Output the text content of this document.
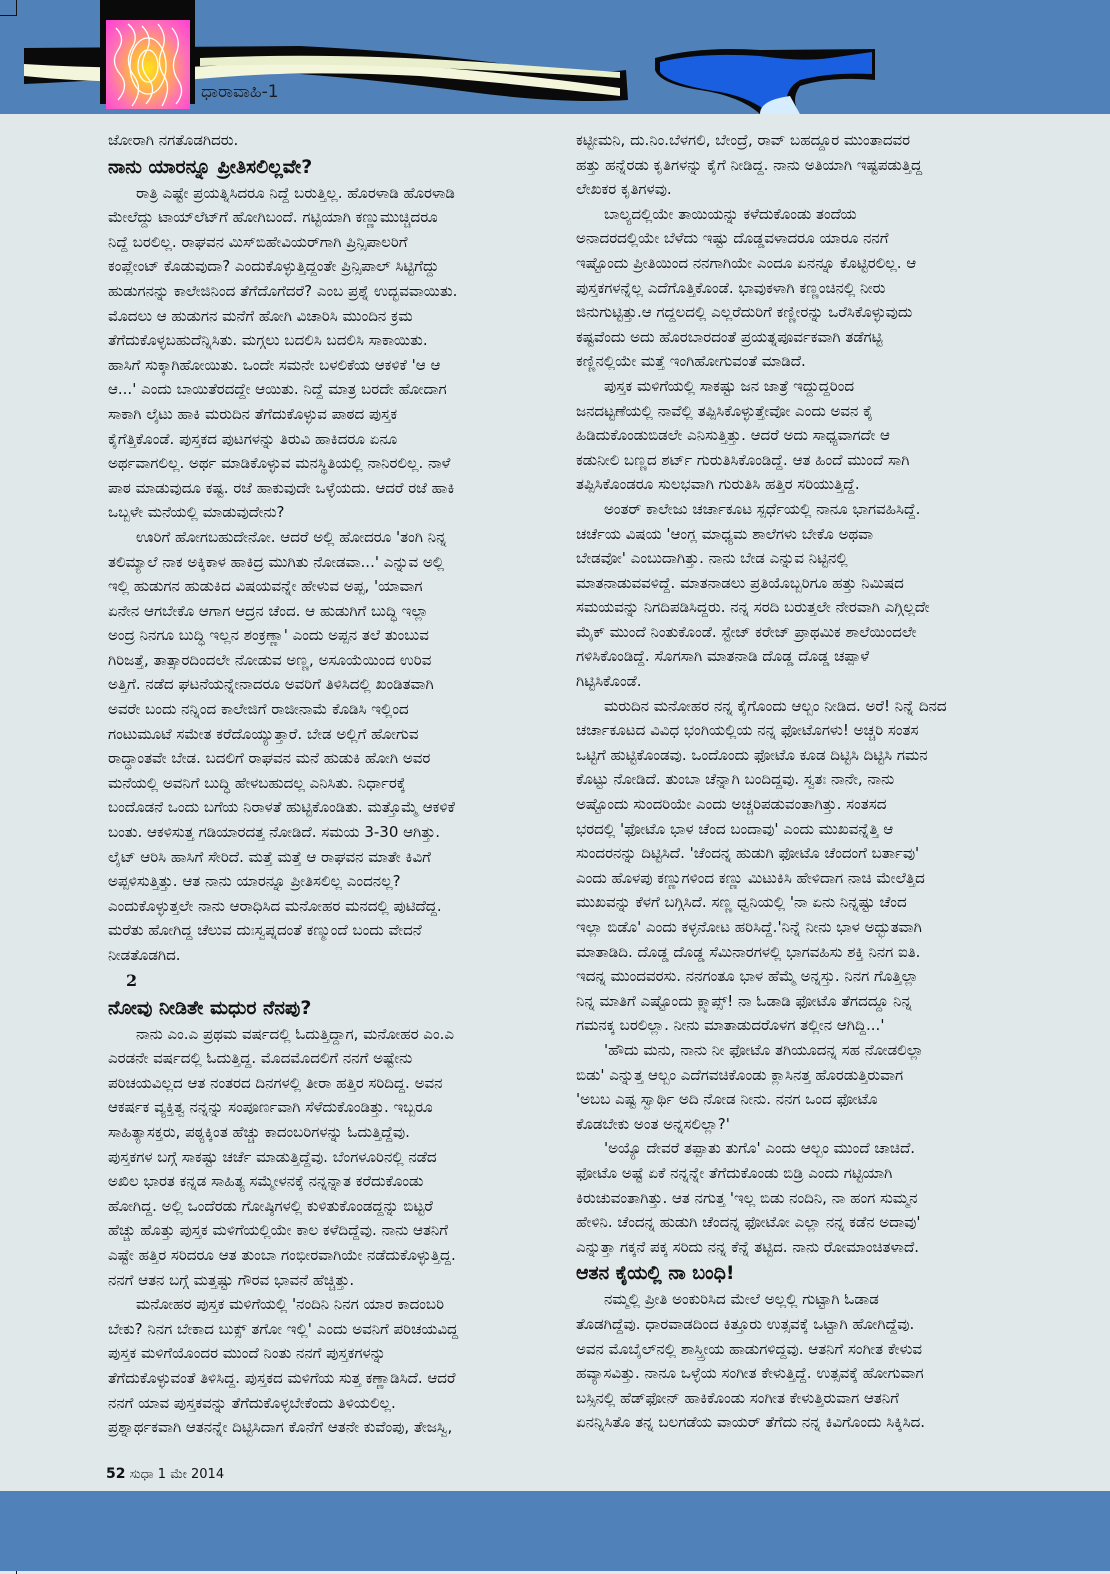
ಧಾರಾವಾಹಿ-1
ಜೋರಾಗಿ ನಗತೊಡಗಿದರು.
ನಾನು ಯಾರನ್ನೂ ಪ್ರೀತಿಸಲಿಲ್ಲವೇ?
ರಾತ್ರಿ ಎಷ್ಟೇ ಪ್ರಯತ್ನಿಸಿದರೂ ನಿದ್ದೆ ಬರುತ್ತಿಲ್ಲ. ಹೊರಳಾಡಿ ಹೊರಳಾಡಿ
ಮೇಲೆದ್ದು ಟಾಯ್‌ಲೆಟ್‌ಗೆ ಹೋಗಿಬಂದೆ. ಗಟ್ಟಿಯಾಗಿ ಕಣ್ಣುಮುಚ್ಚಿದರೂ
ನಿದ್ದೆ ಬರಲಿಲ್ಲ. ರಾಘವನ ಮಿಸ್‌ಬಿಹೇವಿಯರ್‌ಗಾಗಿ ಪ್ರಿನ್ಸಿಪಾಲರಿಗೆ
ಕಂಪ್ಲೇಂಟ್ ಕೊಡುವುದಾ? ಎಂದುಕೊಳ್ಳುತ್ತಿದ್ದಂತೇ ಪ್ರಿನ್ಸಿಪಾಲ್ ಸಿಟ್ಟಿಗೆದ್ದು
ಹುಡುಗನನ್ನು ಕಾಲೇಜಿನಿಂದ ತೆಗೆದೊಗೆದರೆ? ಎಂಬ ಪ್ರಶ್ನೆ ಉದ್ಭವವಾಯಿತು.
ಮೊದಲು ಆ ಹುಡುಗನ ಮನೆಗೆ ಹೋಗಿ ವಿಚಾರಿಸಿ ಮುಂದಿನ ಕ್ರಮ
ತೆಗೆದುಕೊಳ್ಳಬಹುದೆನ್ನಿಸಿತು. ಮಗ್ಗಲು ಬದಲಿಸಿ ಬದಲಿಸಿ ಸಾಕಾಯಿತು.
ಹಾಸಿಗೆ ಸುಕ್ಕಾಗಿಹೋಯಿತು. ಒಂದೇ ಸಮನೇ ಬಳಲಿಕೆಯ ಆಕಳಿಕೆ 'ಆ ಆ
ಆ...' ಎಂದು ಬಾಯಿತೆರದದ್ದೇ ಆಯಿತು. ನಿದ್ದೆ ಮಾತ್ರ ಬರದೇ ಹೋದಾಗ
ಸಾಕಾಗಿ ಲೈಟು ಹಾಕಿ ಮರುದಿನ ತೆಗೆದುಕೊಳ್ಳುವ ಪಾಠದ ಪುಸ್ತಕ
ಕೈಗೆತ್ತಿಕೊಂಡೆ. ಪುಸ್ತಕದ ಪುಟಗಳನ್ನು ತಿರುವಿ ಹಾಕಿದರೂ ಏನೂ
ಅರ್ಥವಾಗಲಿಲ್ಲ. ಅರ್ಥ ಮಾಡಿಕೊಳ್ಳುವ ಮನಸ್ಥಿತಿಯಲ್ಲಿ ನಾನಿರಲಿಲ್ಲ. ನಾಳೆ
ಪಾಠ ಮಾಡುವುದೂ ಕಷ್ಟ. ರಜೆ ಹಾಕುವುದೇ ಒಳ್ಳೆಯದು. ಆದರೆ ರಜೆ ಹಾಕಿ
ಒಬ್ಬಳೇ ಮನೆಯಲ್ಲಿ ಮಾಡುವುದೇನು?
ಊರಿಗೆ ಹೋಗಬಹುದೇನೋ. ಆದರೆ ಅಲ್ಲಿ ಹೋದರೂ 'ತಂಗಿ ನಿನ್ನ
ತಲಿಮ್ಯಾಲೆ ನಾಕ ಅಕ್ಕಿಕಾಳ ಹಾಕಿದ್ರ ಮುಗಿತು ನೋಡವಾ...' ಎನ್ನುವ ಅಲ್ಲಿ
ಇಲ್ಲಿ ಹುಡುಗನ ಹುಡುಕಿದ ವಿಷಯವನ್ನೇ ಹೇಳುವ ಅಪ್ಪ, 'ಯಾವಾಗ
ಏನೇನ ಆಗಬೇಕೊ ಆಗಾಗ ಆದ್ರನ ಚೆಂದ. ಆ ಹುಡುಗಿಗೆ ಬುದ್ಧಿ ಇಲ್ಲಾ
ಅಂದ್ರ ನಿನಗೂ ಬುದ್ಧಿ ಇಲ್ಲನ ಶಂಕ್ರಣ್ಣಾ' ಎಂದು ಅಪ್ಪನ ತಲೆ ತುಂಬುವ
ಗಿರಿಜತ್ತೆ, ತಾತ್ಸಾರದಿಂದಲೇ ನೋಡುವ ಅಣ್ಣ, ಅಸೂಯೆಯಿಂದ ಉರಿವ
ಅತ್ತಿಗೆ. ನಡೆದ ಘಟನೆಯನ್ನೇನಾದರೂ ಅವರಿಗೆ ತಿಳಿಸಿದಲ್ಲಿ ಖಂಡಿತವಾಗಿ
ಅವರೇ ಬಂದು ನನ್ನಿಂದ ಕಾಲೇಜಿಗೆ ರಾಜೀನಾಮೆ ಕೊಡಿಸಿ ಇಲ್ಲಿಂದ
ಗಂಟುಮೂಟೆ ಸಮೇತ ಕರೆದೊಯ್ಯುತ್ತಾರೆ. ಬೇಡ ಅಲ್ಲಿಗೆ ಹೋಗುವ
ರಾದ್ಧಾಂತವೇ ಬೇಡ. ಬದಲಿಗೆ ರಾಘವನ ಮನೆ ಹುಡುಕಿ ಹೋಗಿ ಅವರ
ಮನೆಯಲ್ಲಿ ಅವನಿಗೆ ಬುದ್ಧಿ ಹೇಳಬಹುದಲ್ಲ ಎನಿಸಿತು. ನಿರ್ಧಾರಕ್ಕೆ
ಬಂದೊಡನೆ ಒಂದು ಬಗೆಯ ನಿರಾಳತೆ ಹುಟ್ಟಿಕೊಂಡಿತು. ಮತ್ತೊಮ್ಮೆ ಆಕಳಿಕೆ
ಬಂತು. ಆಕಳಿಸುತ್ತ ಗಡಿಯಾರದತ್ತ ನೋಡಿದೆ. ಸಮಯ 3-30 ಆಗಿತ್ತು.
ಲೈಟ್ ಆರಿಸಿ ಹಾಸಿಗೆ ಸೇರಿದೆ. ಮತ್ತೆ ಮತ್ತೆ ಆ ರಾಘವನ ಮಾತೇ ಕಿವಿಗೆ
ಅಪ್ಪಳಿಸುತ್ತಿತ್ತು. ಆತ ನಾನು ಯಾರನ್ನೂ ಪ್ರೀತಿಸಲಿಲ್ಲ ಎಂದನಲ್ಲ?
ಎಂದುಕೊಳ್ಳುತ್ತಲೇ ನಾನು ಆರಾಧಿಸಿದ ಮನೋಹರ ಮನದಲ್ಲಿ ಪುಟಿದೆದ್ದ.
ಮರೆತು ಹೋಗಿದ್ದ ಚೆಲುವ ದುಃಸ್ವಪ್ನದಂತೆ ಕಣ್ಮುಂದೆ ಬಂದು ವೇದನೆ
ನೀಡತೊಡಗಿದ.
2
ನೋವು ನೀಡಿತೇ ಮಧುರ ನೆನಪು?
ನಾನು ಎಂ.ಎ ಪ್ರಥಮ ವರ್ಷದಲ್ಲಿ ಓದುತ್ತಿದ್ದಾಗ, ಮನೋಹರ ಎಂ.ಎ
ಎರಡನೇ ವರ್ಷದಲ್ಲಿ ಓದುತ್ತಿದ್ದ. ಮೊದಮೊದಲಿಗೆ ನನಗೆ ಅಷ್ಟೇನು
ಪರಿಚಯವಿಲ್ಲದ ಆತ ನಂತರದ ದಿನಗಳಲ್ಲಿ ತೀರಾ ಹತ್ತಿರ ಸರಿದಿದ್ದ. ಅವನ
ಆಕರ್ಷಕ ವ್ಯಕ್ತಿತ್ವ ನನ್ನನ್ನು ಸಂಪೂರ್ಣವಾಗಿ ಸೆಳೆದುಕೊಂಡಿತ್ತು. ಇಬ್ಬರೂ
ಸಾಹಿತ್ಯಾಸಕ್ತರು, ಪಠ್ಯಕ್ಕಿಂತ ಹೆಚ್ಚು ಕಾದಂಬರಿಗಳನ್ನು ಓದುತ್ತಿದ್ದೆವು.
ಪುಸ್ತಕಗಳ ಬಗ್ಗೆ ಸಾಕಷ್ಟು ಚರ್ಚೆ ಮಾಡುತ್ತಿದ್ದೆವು. ಬೆಂಗಳೂರಿನಲ್ಲಿ ನಡೆದ
ಅಖಿಲ ಭಾರತ ಕನ್ನಡ ಸಾಹಿತ್ಯ ಸಮ್ಮೇಳನಕ್ಕೆ ನನ್ನನ್ನಾತ ಕರೆದುಕೊಂಡು
ಹೋಗಿದ್ದ. ಅಲ್ಲಿ ಒಂದೆರಡು ಗೋಷ್ಠಿಗಳಲ್ಲಿ ಕುಳಿತುಕೊಂಡದ್ದನ್ನು ಬಿಟ್ಟರೆ
ಹೆಚ್ಚು ಹೊತ್ತು ಪುಸ್ತಕ ಮಳಿಗೆಯಲ್ಲಿಯೇ ಕಾಲ ಕಳೆದಿದ್ದೆವು. ನಾನು ಆತನಿಗೆ
ಎಷ್ಟೇ ಹತ್ತಿರ ಸರಿದರೂ ಆತ ತುಂಬಾ ಗಂಭೀರವಾಗಿಯೇ ನಡೆದುಕೊಳ್ಳುತ್ತಿದ್ದ.
ನನಗೆ ಆತನ ಬಗ್ಗೆ ಮತ್ತಷ್ಟು ಗೌರವ ಭಾವನೆ ಹೆಚ್ಚಿತ್ತು.
ಮನೋಹರ ಪುಸ್ತಕ ಮಳಿಗೆಯಲ್ಲಿ 'ನಂದಿನಿ ನಿನಗ ಯಾರ ಕಾದಂಬರಿ
ಬೇಕು? ನಿನಗ ಬೇಕಾದ ಬುಕ್ಸ್ ತಗೋ ಇಲ್ಲಿ' ಎಂದು ಅವನಿಗೆ ಪರಿಚಯವಿದ್ದ
ಪುಸ್ತಕ ಮಳಿಗೆಯೊಂದರ ಮುಂದೆ ನಿಂತು ನನಗೆ ಪುಸ್ತಕಗಳನ್ನು
ತೆಗೆದುಕೊಳ್ಳುವಂತೆ ತಿಳಿಸಿದ್ದ. ಪುಸ್ತಕದ ಮಳಿಗೆಯ ಸುತ್ತ ಕಣ್ಣಾಡಿಸಿದೆ. ಆದರೆ
ನನಗೆ ಯಾವ ಪುಸ್ತಕವನ್ನು ತೆಗೆದುಕೊಳ್ಳಬೇಕೆಂದು ತಿಳಿಯಲಿಲ್ಲ.
ಪ್ರಶ್ನಾರ್ಥಕವಾಗಿ ಆತನನ್ನೇ ದಿಟ್ಟಿಸಿದಾಗ ಕೊನೆಗೆ ಆತನೇ ಕುವೆಂಪು, ತೇಜಸ್ವಿ,
ಕಟ್ಟೀಮನಿ, ದು.ನಿಂ.ಬೆಳಗಲಿ, ಬೇಂದ್ರೆ, ರಾವ್ ಬಹದ್ದೂರ ಮುಂತಾದವರ
ಹತ್ತು ಹನ್ನೆರಡು ಕೃತಿಗಳನ್ನು ಕೈಗೆ ನೀಡಿದ್ದ. ನಾನು ಅತಿಯಾಗಿ ಇಷ್ಟಪಡುತ್ತಿದ್ದ
ಲೇಖಕರ ಕೃತಿಗಳವು.
ಬಾಲ್ಯದಲ್ಲಿಯೇ ತಾಯಿಯನ್ನು ಕಳೆದುಕೊಂಡು ತಂದೆಯ
ಅನಾದರದಲ್ಲಿಯೇ ಬೆಳೆದು ಇಷ್ಟು ದೊಡ್ಡವಳಾದರೂ ಯಾರೂ ನನಗೆ
ಇಷ್ಟೊಂದು ಪ್ರೀತಿಯಿಂದ ನನಗಾಗಿಯೇ ಎಂದೂ ಏನನ್ನೂ ಕೊಟ್ಟಿರಲಿಲ್ಲ. ಆ
ಪುಸ್ತಕಗಳನ್ನೆಲ್ಲ ಎದೆಗೊತ್ತಿಕೊಂಡೆ. ಭಾವುಕಳಾಗಿ ಕಣ್ಣಂಚಿನಲ್ಲಿ ನೀರು
ಜಿನುಗುಟ್ಟಿತ್ತು.ಆ ಗದ್ದಲದಲ್ಲಿ ಎಲ್ಲರೆದುರಿಗೆ ಕಣ್ಣೀರನ್ನು ಒರೆಸಿಕೊಳ್ಳುವುದು
ಕಷ್ಟವೆಂದು ಅದು ಹೊರಬಾರದಂತೆ ಪ್ರಯತ್ನಪೂರ್ವಕವಾಗಿ ತಡೆಗಟ್ಟಿ
ಕಣ್ಣಿನಲ್ಲಿಯೇ ಮತ್ತೆ ಇಂಗಿಹೋಗುವಂತೆ ಮಾಡಿದೆ.
ಪುಸ್ತಕ ಮಳಿಗೆಯಲ್ಲಿ ಸಾಕಷ್ಟು ಜನ ಜಾತ್ರೆ ಇದ್ದುದ್ದರಿಂದ
ಜನದಟ್ಟಣೆಯಲ್ಲಿ ನಾವೆಲ್ಲಿ ತಪ್ಪಿಸಿಕೊಳ್ಳುತ್ತೇವೋ ಎಂದು ಅವನ ಕೈ
ಹಿಡಿದುಕೊಂಡುಬಿಡಲೇ ಎನಿಸುತ್ತಿತ್ತು. ಆದರೆ ಅದು ಸಾಧ್ಯವಾಗದೇ ಆ
ಕಡುನೀಲಿ ಬಣ್ಣದ ಶರ್ಟ್ ಗುರುತಿಸಿಕೊಂಡಿದ್ದೆ. ಆತ ಹಿಂದೆ ಮುಂದೆ ಸಾಗಿ
ತಪ್ಪಿಸಿಕೊಂಡರೂ ಸುಲಭವಾಗಿ ಗುರುತಿಸಿ ಹತ್ತಿರ ಸರಿಯುತ್ತಿದ್ದೆ.
ಅಂತರ್ ಕಾಲೇಜು ಚರ್ಚಾಕೂಟ ಸ್ಪರ್ಧೆಯಲ್ಲಿ ನಾನೂ ಭಾಗವಹಿಸಿದ್ದೆ.
ಚರ್ಚೆಯ ವಿಷಯ 'ಆಂಗ್ಲ ಮಾಧ್ಯಮ ಶಾಲೆಗಳು ಬೇಕೊ ಅಥವಾ
ಬೇಡವೋ' ಎಂಬುದಾಗಿತ್ತು. ನಾನು ಬೇಡ ಎನ್ನುವ ನಿಟ್ಟಿನಲ್ಲಿ
ಮಾತನಾಡುವವಳಿದ್ದೆ. ಮಾತನಾಡಲು ಪ್ರತಿಯೊಬ್ಬರಿಗೂ ಹತ್ತು ನಿಮಿಷದ
ಸಮಯವನ್ನು ನಿಗದಿಪಡಿಸಿದ್ದರು. ನನ್ನ ಸರದಿ ಬರುತ್ತಲೇ ನೇರವಾಗಿ ಎಗ್ಗಿಲ್ಲದೇ
ಮೈಕ್ ಮುಂದೆ ನಿಂತುಕೊಂಡೆ. ಸ್ಟೇಜ್ ಕರೇಜ್ ಪ್ರಾಥಮಿಕ ಶಾಲೆಯಿಂದಲೇ
ಗಳಿಸಿಕೊಂಡಿದ್ದೆ. ಸೊಗಸಾಗಿ ಮಾತನಾಡಿ ದೊಡ್ಡ ದೊಡ್ಡ ಚಪ್ಪಾಳೆ
ಗಿಟ್ಟಿಸಿಕೊಂಡೆ.
ಮರುದಿನ ಮನೋಹರ ನನ್ನ ಕೈಗೊಂದು ಆಲ್ಬಂ ನೀಡಿದ. ಅರೆ! ನಿನ್ನೆ ದಿನದ
ಚರ್ಚಾಕೂಟದ ವಿವಿಧ ಭಂಗಿಯಲ್ಲಿಯ ನನ್ನ ಫೋಟೊಗಳು! ಅಚ್ಚರಿ ಸಂತಸ
ಒಟ್ಟಿಗೆ ಹುಟ್ಟಿಕೊಂಡವು. ಒಂದೊಂದು ಫೋಟೊ ಕೂಡ ದಿಟ್ಟಿಸಿ ದಿಟ್ಟಿಸಿ ಗಮನ
ಕೊಟ್ಟು ನೋಡಿದೆ. ತುಂಬಾ ಚೆನ್ನಾಗಿ ಬಂದಿದ್ದವು. ಸ್ವತಃ ನಾನೇ, ನಾನು
ಅಷ್ಟೊಂದು ಸುಂದರಿಯೇ ಎಂದು ಅಚ್ಚರಿಪಡುವಂತಾಗಿತ್ತು. ಸಂತಸದ
ಭರದಲ್ಲಿ 'ಫೋಟೊ ಭಾಳ ಚೆಂದ ಬಂದಾವು' ಎಂದು ಮುಖವನ್ನೆತ್ತಿ ಆ
ಸುಂದರನನ್ನು ದಿಟ್ಟಿಸಿದೆ. 'ಚೆಂದನ್ನ ಹುಡುಗಿ ಫೋಟೊ ಚೆಂದಂಗೆ ಬರ್ತಾವು'
ಎಂದು ಹೊಳಪು ಕಣ್ಣುಗಳಿಂದ ಕಣ್ಣು ಮಿಟುಕಿಸಿ ಹೇಳಿದಾಗ ನಾಚಿ ಮೇಲೆತ್ತಿದ
ಮುಖವನ್ನು ಕೆಳಗೆ ಬಗ್ಗಿಸಿದೆ. ಸಣ್ಣ ಧ್ವನಿಯಲ್ಲಿ 'ನಾ ಏನು ನಿನ್ನಷ್ಟು ಚೆಂದ
ಇಲ್ಲಾ ಬಿಡೊ' ಎಂದು ಕಳ್ಳನೋಟ ಹರಿಸಿದ್ದೆ.'ನಿನ್ನೆ ನೀನು ಭಾಳ ಅದ್ಭುತವಾಗಿ
ಮಾತಾಡಿದಿ. ದೊಡ್ಡ ದೊಡ್ಡ ಸೆಮಿನಾರಗಳಲ್ಲಿ ಭಾಗವಹಿಸು ಶಕ್ತಿ ನಿನಗ ಐತಿ.
ಇದನ್ನ ಮುಂದವರಸು. ನನಗಂತೂ ಭಾಳ ಹೆಮ್ಮೆ ಅನ್ನಸ್ತು. ನಿನಗ ಗೊತ್ತಿಲ್ಲಾ
ನಿನ್ನ ಮಾತಿಗೆ ಎಷ್ಟೊಂದು ಕ್ಲ್ಯಾಪ್ಸ್! ನಾ ಓಡಾಡಿ ಫೋಟೊ ತೆಗದದ್ದೂ ನಿನ್ನ
ಗಮನಕ್ಕ ಬರಲಿಲ್ಲಾ. ನೀನು ಮಾತಾಡುದರೊಳಗ ತಲ್ಲೀನ ಆಗಿದ್ದಿ...'
'ಹೌದು ಮನು, ನಾನು ನೀ ಫೋಟೊ ತಗಿಯೂದನ್ನ ಸಹ ನೋಡಲಿಲ್ಲಾ
ಬಿಡು' ಎನ್ನುತ್ತ ಆಲ್ಬಂ ಎದೆಗವಚಿಕೊಂಡು ಕ್ಲಾಸಿನತ್ತ ಹೊರಡುತ್ತಿರುವಾಗ
'ಅಬಬ ಎಷ್ಟ ಸ್ವಾರ್ಥಿ ಅದಿ ನೋಡ ನೀನು. ನನಗ ಒಂದ ಫೋಟೊ
ಕೊಡಬೇಕು ಅಂತ ಅನ್ನಸಲಿಲ್ಲಾ?'
'ಅಯ್ಯೊ ದೇವರೆ ತಪ್ಪಾತು ತುಗೊ' ಎಂದು ಆಲ್ಬಂ ಮುಂದೆ ಚಾಚಿದೆ.
ಫೋಟೊ ಅಷ್ಟೆ ಏಕೆ ನನ್ನನ್ನೇ ತೆಗೆದುಕೊಂಡು ಬಿಡ್ರಿ ಎಂದು ಗಟ್ಟಿಯಾಗಿ
ಕಿರುಚುವಂತಾಗಿತ್ತು. ಆತ ನಗುತ್ತ 'ಇಲ್ಲ ಬಿಡು ನಂದಿನಿ, ನಾ ಹಂಗ ಸುಮ್ಮನ
ಹೇಳಿನಿ. ಚೆಂದನ್ನ ಹುಡುಗಿ ಚೆಂದನ್ನ ಫೋಟೋ ಎಲ್ಲಾ ನನ್ನ ಕಡೆನ ಅದಾವು'
ಎನ್ನುತ್ತಾ ಗಕ್ಕನೆ ಪಕ್ಕ ಸರಿದು ನನ್ನ ಕೆನ್ನೆ ತಟ್ಟಿದ. ನಾನು ರೋಮಾಂಚಿತಳಾದೆ.
ಆತನ ಕೈಯಲ್ಲಿ ನಾ ಬಂಧಿ!
ನಮ್ಮಲ್ಲಿ ಪ್ರೀತಿ ಅಂಕುರಿಸಿದ ಮೇಲೆ ಅಲ್ಲಲ್ಲಿ ಗುಟ್ಟಾಗಿ ಓಡಾಡ
ತೊಡಗಿದ್ದೆವು. ಧಾರವಾಡದಿಂದ ಕಿತ್ತೂರು ಉತ್ಸವಕ್ಕೆ ಒಟ್ಟಾಗಿ ಹೋಗಿದ್ದೆವು.
ಅವನ ಮೊಬೈಲ್‌ನಲ್ಲಿ ಶಾಸ್ತ್ರೀಯ ಹಾಡುಗಳಿದ್ದವು. ಆತನಿಗೆ ಸಂಗೀತ ಕೇಳುವ
ಹವ್ಯಾಸವಿತ್ತು. ನಾನೂ ಒಳ್ಳೆಯ ಸಂಗೀತ ಕೇಳುತ್ತಿದ್ದೆ. ಉತ್ಸವಕ್ಕೆ ಹೋಗುವಾಗ
ಬಸ್ಸಿನಲ್ಲಿ ಹೆಡ್‌ಫೋನ್ ಹಾಕಿಕೊಂಡು ಸಂಗೀತ ಕೇಳುತ್ತಿರುವಾಗ ಆತನಿಗೆ
ಏನನ್ನಿಸಿತೊ ತನ್ನ ಬಲಗಡೆಯ ವಾಯರ್ ತೆಗೆದು ನನ್ನ ಕಿವಿಗೊಂದು ಸಿಕ್ಕಿಸಿದ.
52 ಸುಧಾ 1 ಮೇ 2014
